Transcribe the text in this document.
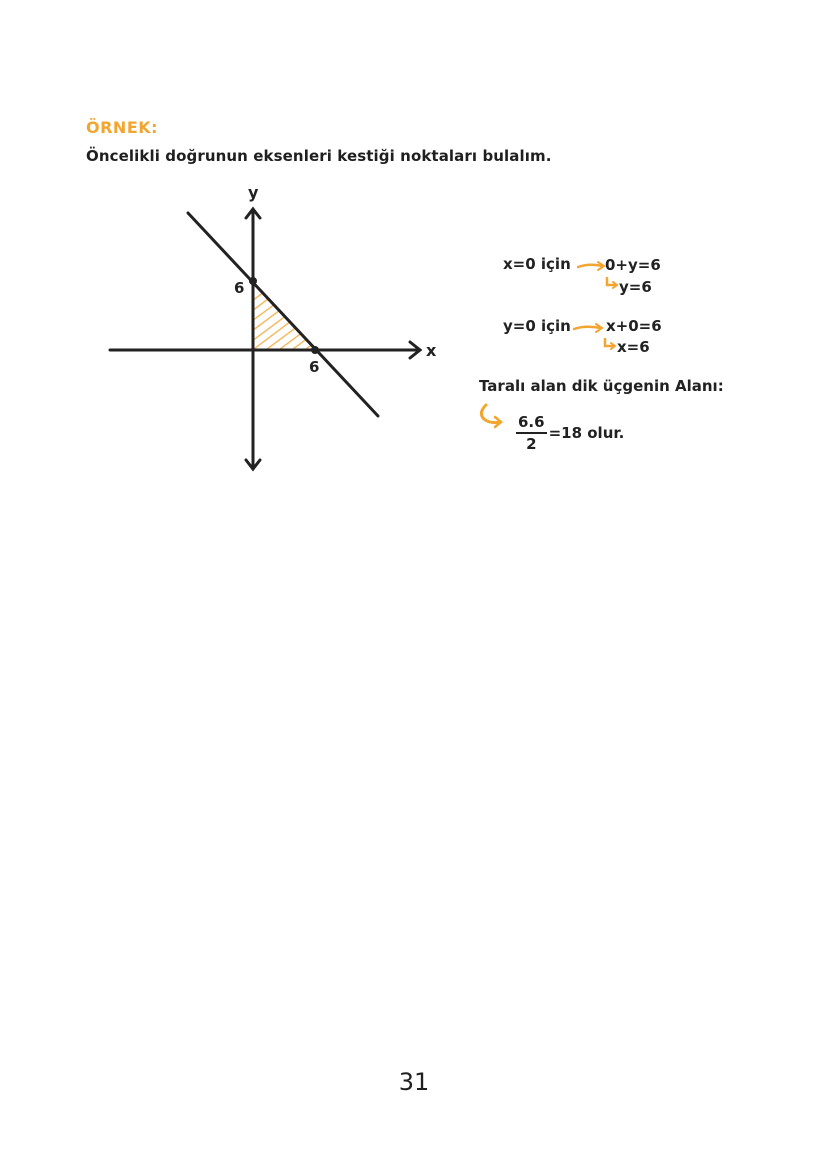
ÖRNEK:
Öncelikli doğrunun eksenleri kestiği noktaları bulalım.
y
x
6
6
x=0 için 0+y=6
y=6
y=0 için x+0=6
x=6
Taralı alan dik üçgenin Alanı:
$\frac{6.6}{2} =18$ olur.
31
